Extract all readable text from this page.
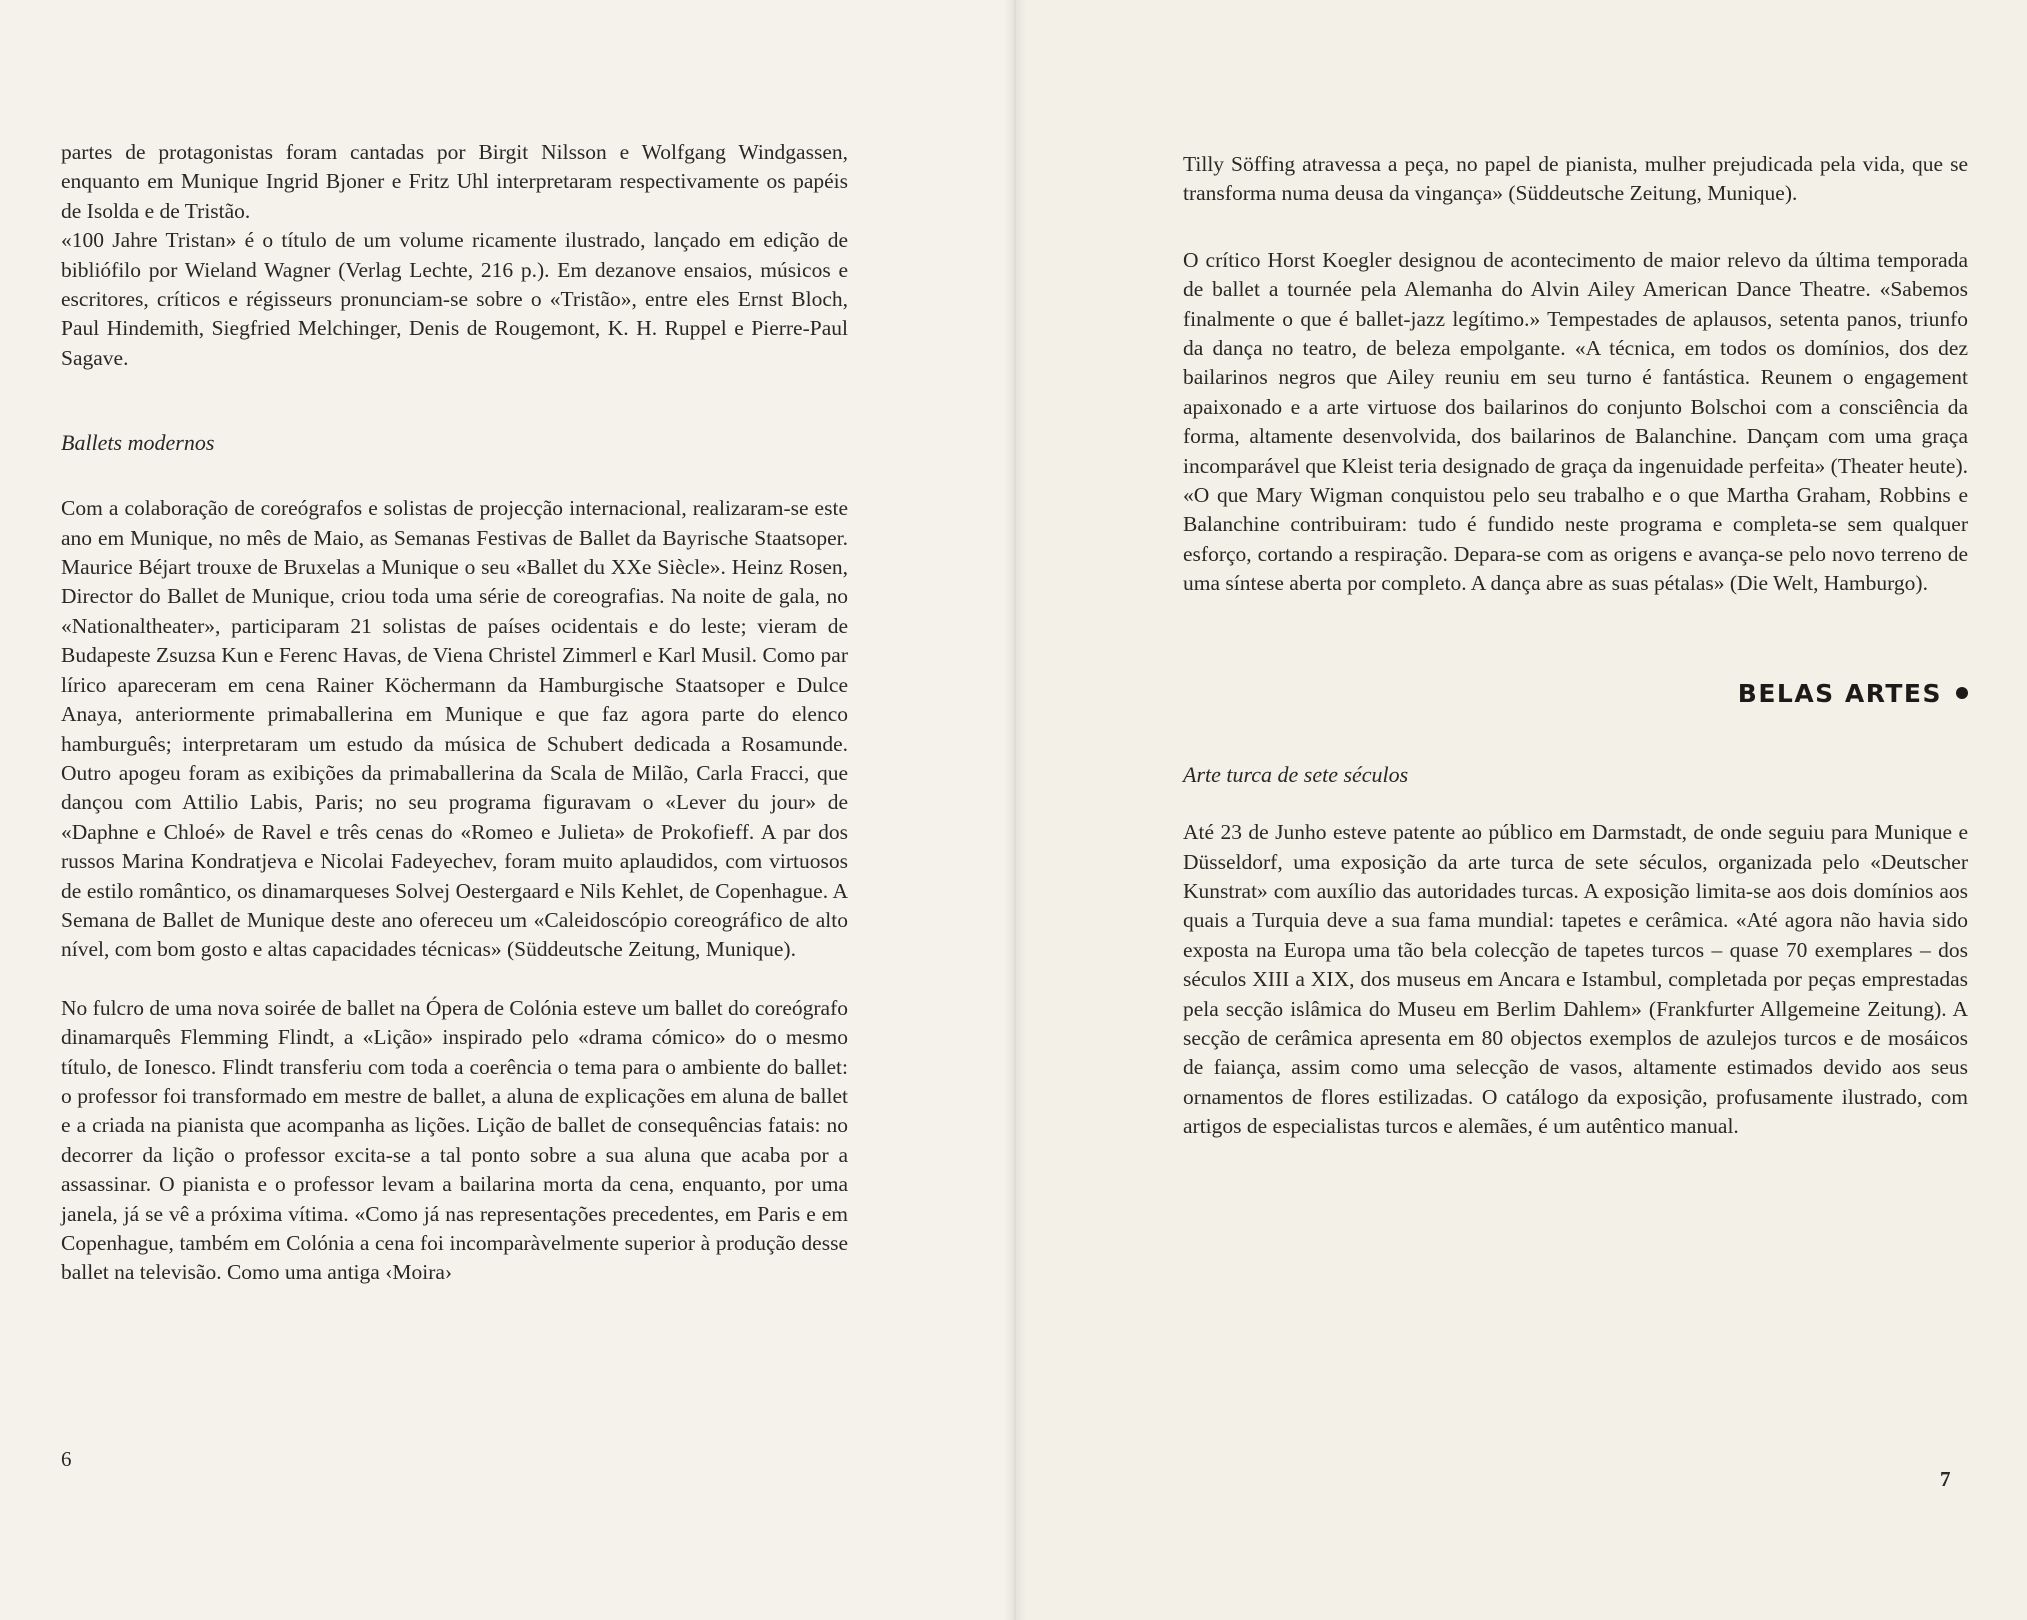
partes de protagonistas foram cantadas por Birgit Nilsson e Wolfgang Windgassen, enquanto em Munique Ingrid Bjoner e Fritz Uhl interpretaram respectivamente os papéis de Isolda e de Tristão.

«100 Jahre Tristan» é o título de um volume ricamente ilustrado, lançado em edição de bibliófilo por Wieland Wagner (Verlag Lechte, 216 p.). Em dezanove ensaios, músicos e escritores, críticos e régisseurs pronunciam-se sobre o «Tristão», entre eles Ernst Bloch, Paul Hindemith, Siegfried Melchinger, Denis de Rougemont, K. H. Ruppel e Pierre-Paul Sagave.

Ballets modernos

Com a colaboração de coreógrafos e solistas de projecção internacional, realizaram-se este ano em Munique, no mês de Maio, as Semanas Festivas de Ballet da Bayrische Staatsoper. Maurice Béjart trouxe de Bruxelas a Munique o seu «Ballet du XXe Siècle». Heinz Rosen, Director do Ballet de Munique, criou toda uma série de coreografias. Na noite de gala, no «Nationaltheater», participaram 21 solistas de países ocidentais e do leste; vieram de Budapeste Zsuzsa Kun e Ferenc Havas, de Viena Christel Zimmerl e Karl Musil. Como par lírico apareceram em cena Rainer Köchermann da Hamburgische Staatsoper e Dulce Anaya, anteriormente primaballerina em Munique e que faz agora parte do elenco hamburguês; interpretaram um estudo da música de Schubert dedicada a Rosamunde. Outro apogeu foram as exibições da primaballerina da Scala de Milão, Carla Fracci, que dançou com Attilio Labis, Paris; no seu programa figuravam o «Lever du jour» de «Daphne e Chloé» de Ravel e três cenas do «Romeo e Julieta» de Prokofieff. A par dos russos Marina Kondratjeva e Nicolai Fadeyechev, foram muito aplaudidos, com virtuosos de estilo romântico, os dinamarqueses Solvej Oestergaard e Nils Kehlet, de Copenhague. A Semana de Ballet de Munique deste ano ofereceu um «Caleidoscópio coreográfico de alto nível, com bom gosto e altas capacidades técnicas» (Süddeutsche Zeitung, Munique).

No fulcro de uma nova soirée de ballet na Ópera de Colónia esteve um ballet do coreógrafo dinamarquês Flemming Flindt, a «Lição» inspirado pelo «drama cómico» do o mesmo título, de Ionesco. Flindt transferiu com toda a coerência o tema para o ambiente do ballet: o professor foi transformado em mestre de ballet, a aluna de explicações em aluna de ballet e a criada na pianista que acompanha as lições. Lição de ballet de consequências fatais: no decorrer da lição o professor excita-se a tal ponto sobre a sua aluna que acaba por a assassinar. O pianista e o professor levam a bailarina morta da cena, enquanto, por uma janela, já se vê a próxima vítima. «Como já nas representações precedentes, em Paris e em Copenhague, também em Colónia a cena foi incomparàvelmente superior à produção desse ballet na televisão. Como uma antiga ‹Moira›

6

Tilly Söffing atravessa a peça, no papel de pianista, mulher prejudicada pela vida, que se transforma numa deusa da vingança» (Süddeutsche Zeitung, Munique).

O crítico Horst Koegler designou de acontecimento de maior relevo da última temporada de ballet a tournée pela Alemanha do Alvin Ailey American Dance Theatre. «Sabemos finalmente o que é ballet-jazz legítimo.» Tempestades de aplausos, setenta panos, triunfo da dança no teatro, de beleza empolgante. «A técnica, em todos os domínios, dos dez bailarinos negros que Ailey reuniu em seu turno é fantástica. Reunem o engagement apaixonado e a arte virtuose dos bailarinos do conjunto Bolschoi com a consciência da forma, altamente desenvolvida, dos bailarinos de Balanchine. Dançam com uma graça incomparável que Kleist teria designado de graça da ingenuidade perfeita» (Theater heute). «O que Mary Wigman conquistou pelo seu trabalho e o que Martha Graham, Robbins e Balanchine contribuiram: tudo é fundido neste programa e completa-se sem qualquer esforço, cortando a respiração. Depara-se com as origens e avança-se pelo novo terreno de uma síntese aberta por completo. A dança abre as suas pétalas» (Die Welt, Hamburgo).

BELAS ARTES

Arte turca de sete séculos

Até 23 de Junho esteve patente ao público em Darmstadt, de onde seguiu para Munique e Düsseldorf, uma exposição da arte turca de sete séculos, organizada pelo «Deutscher Kunstrat» com auxílio das autoridades turcas. A exposição limita-se aos dois domínios aos quais a Turquia deve a sua fama mundial: tapetes e cerâmica. «Até agora não havia sido exposta na Europa uma tão bela colecção de tapetes turcos – quase 70 exemplares – dos séculos XIII a XIX, dos museus em Ancara e Istambul, completada por peças emprestadas pela secção islâmica do Museu em Berlim Dahlem» (Frankfurter Allgemeine Zeitung). A secção de cerâmica apresenta em 80 objectos exemplos de azulejos turcos e de mosáicos de faiança, assim como uma selecção de vasos, altamente estimados devido aos seus ornamentos de flores estilizadas. O catálogo da exposição, profusamente ilustrado, com artigos de especialistas turcos e alemães, é um autêntico manual.

7
